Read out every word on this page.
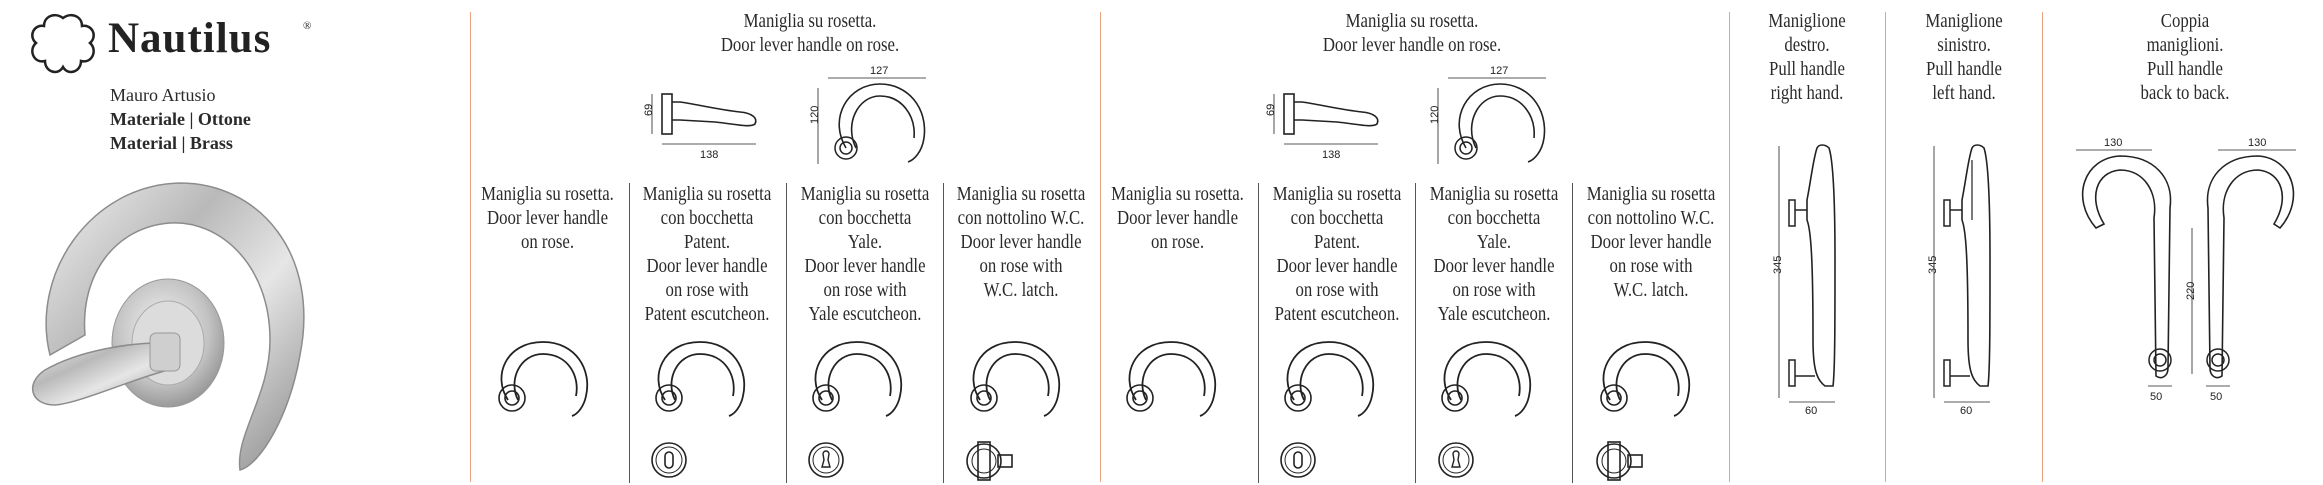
Nautilus	®
Mauro Artusio
Materiale | Ottone
Material | Brass
Maniglia su rosetta.
Door lever handle on rose.
Maniglia su rosetta.
Door lever handle on rose.
69
138
127
120	69
138
127
120
Maniglia su rosetta.
Door lever handle
on rose.
Maniglia su rosetta
con bocchetta
Patent.
Door lever handle
on rose with
Patent escutcheon.
Maniglia su rosetta
con bocchetta
Yale.
Door lever handle
on rose with
Yale escutcheon.
Maniglia su rosetta
con nottolino W.C.
Door lever handle
on rose with
W.C. latch.
Maniglia su rosetta.
Door lever handle
on rose.
Maniglia su rosetta
con bocchetta
Patent.
Door lever handle
on rose with
Patent escutcheon.
Maniglia su rosetta
con bocchetta
Yale.
Door lever handle
on rose with
Yale escutcheon.
Maniglia su rosetta
con nottolino W.C.
Door lever handle
on rose with
W.C. latch.
Maniglione
destro.
Pull handle
right hand.
Maniglione
sinistro.
Pull handle
left hand.
Coppia
maniglioni.
Pull handle
back to back.
345
60
345
60
130	130
220
50	50
